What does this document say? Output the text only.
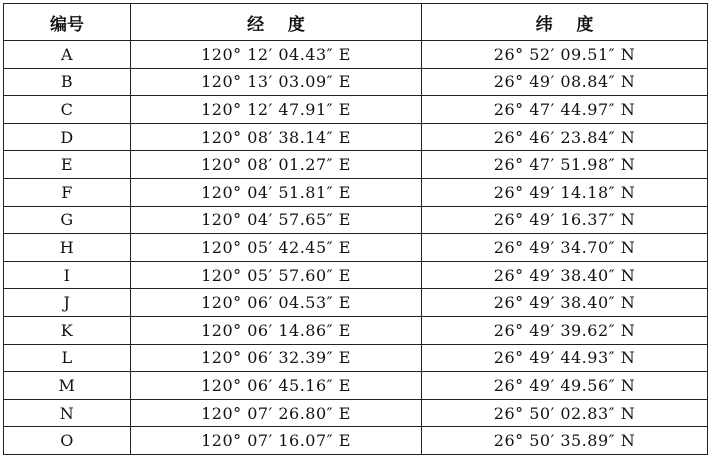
编号	经    度	纬    度
A	120° 12′ 04.43″ E	26° 52′ 09.51″ N
B	120° 13′ 03.09″ E	26° 49′ 08.84″ N
C	120° 12′ 47.91″ E	26° 47′ 44.97″ N
D	120° 08′ 38.14″ E	26° 46′ 23.84″ N
E	120° 08′ 01.27″ E	26° 47′ 51.98″ N
F	120° 04′ 51.81″ E	26° 49′ 14.18″ N
G	120° 04′ 57.65″ E	26° 49′ 16.37″ N
H	120° 05′ 42.45″ E	26° 49′ 34.70″ N
I	120° 05′ 57.60″ E	26° 49′ 38.40″ N
J	120° 06′ 04.53″ E	26° 49′ 38.40″ N
K	120° 06′ 14.86″ E	26° 49′ 39.62″ N
L	120° 06′ 32.39″ E	26° 49′ 44.93″ N
M	120° 06′ 45.16″ E	26° 49′ 49.56″ N
N	120° 07′ 26.80″ E	26° 50′ 02.83″ N
O	120° 07′ 16.07″ E	26° 50′ 35.89″ N
